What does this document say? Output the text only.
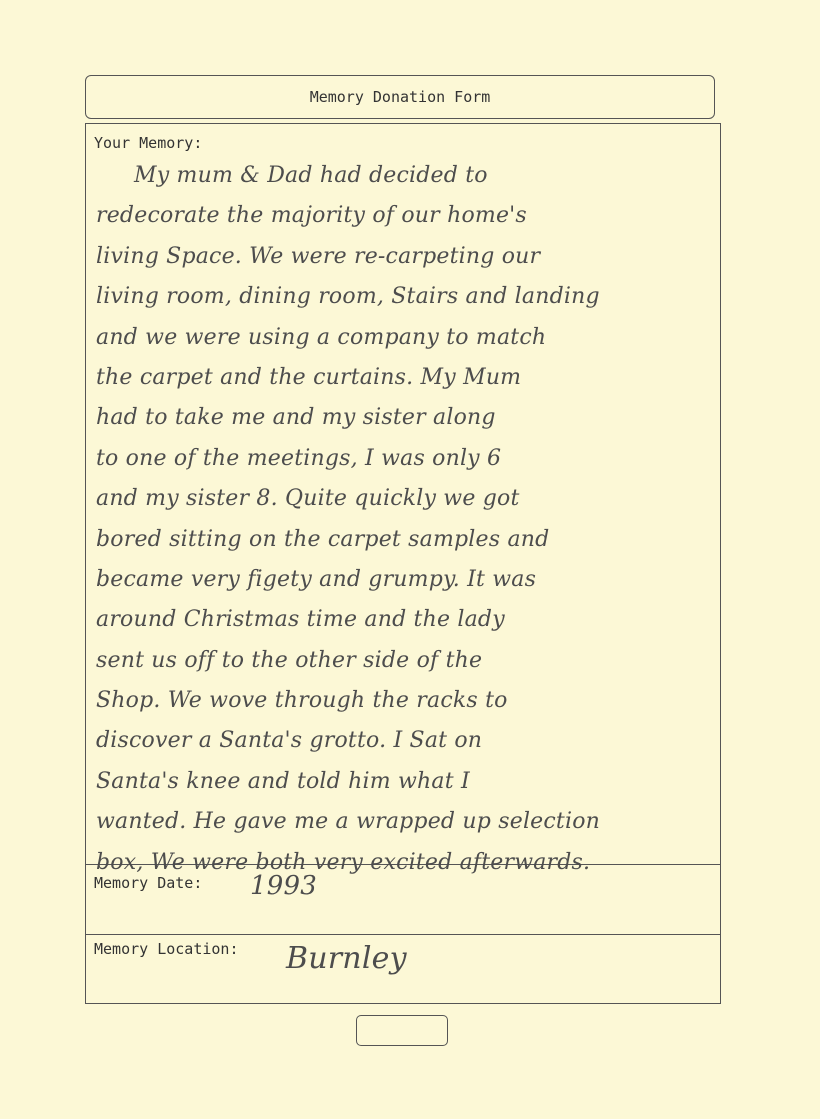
Memory Donation Form
Your Memory:
My mum & Dad had decided to
redecorate the majority of our home's
living Space. We were re-carpeting our
living room, dining room, Stairs and landing
and we were using a company to match
the carpet and the curtains. My Mum
had to take me and my sister along
to one of the meetings, I was only 6
and my sister 8. Quite quickly we got
bored sitting on the carpet samples and
became very figety and grumpy. It was
around Christmas time and the lady
sent us off to the other side of the
Shop. We wove through the racks to
discover a Santa's grotto. I Sat on
Santa's knee and told him what I
wanted. He gave me a wrapped up selection
box, We were both very excited afterwards.
Memory Date: 1993
Memory Location: Burnley
